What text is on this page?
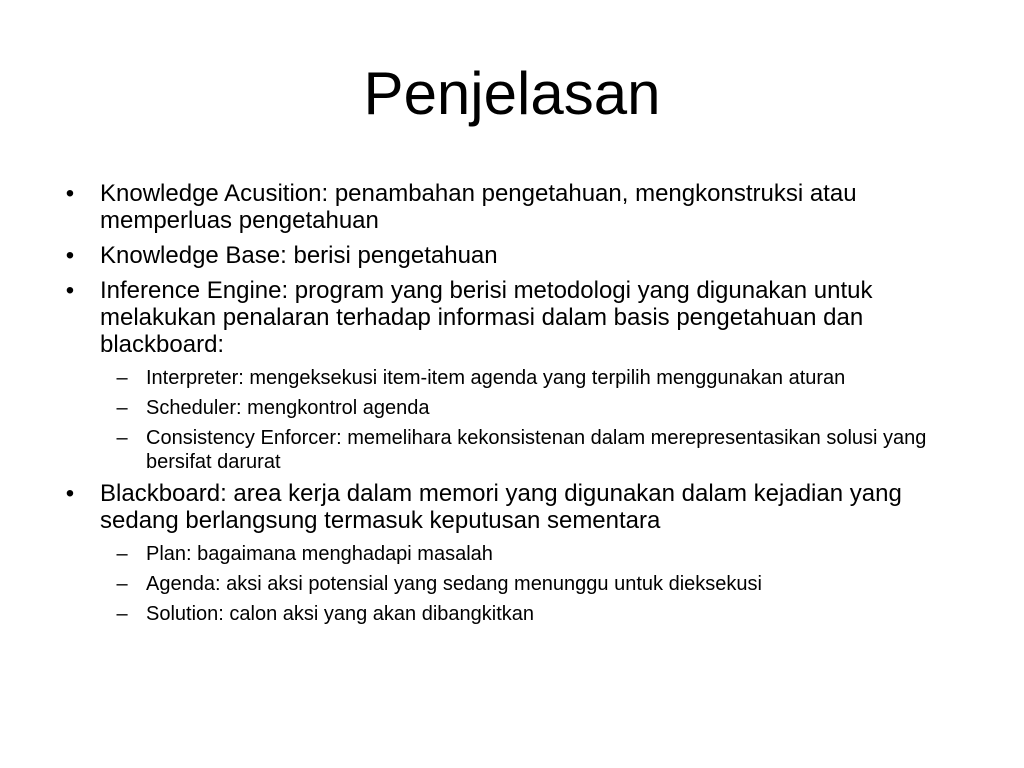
Penjelasan
• Knowledge Acusition: penambahan pengetahuan, mengkonstruksi atau memperluas pengetahuan
• Knowledge Base: berisi pengetahuan
• Inference Engine: program yang berisi metodologi yang digunakan untuk melakukan penalaran terhadap informasi dalam basis pengetahuan dan blackboard:
– Interpreter: mengeksekusi item-item agenda yang terpilih menggunakan aturan
– Scheduler: mengkontrol agenda
– Consistency Enforcer: memelihara kekonsistenan dalam merepresentasikan solusi yang bersifat darurat
• Blackboard: area kerja dalam memori yang digunakan dalam kejadian yang sedang berlangsung termasuk keputusan sementara
– Plan: bagaimana menghadapi masalah
– Agenda: aksi aksi potensial yang sedang menunggu untuk dieksekusi
– Solution: calon aksi yang akan dibangkitkan
